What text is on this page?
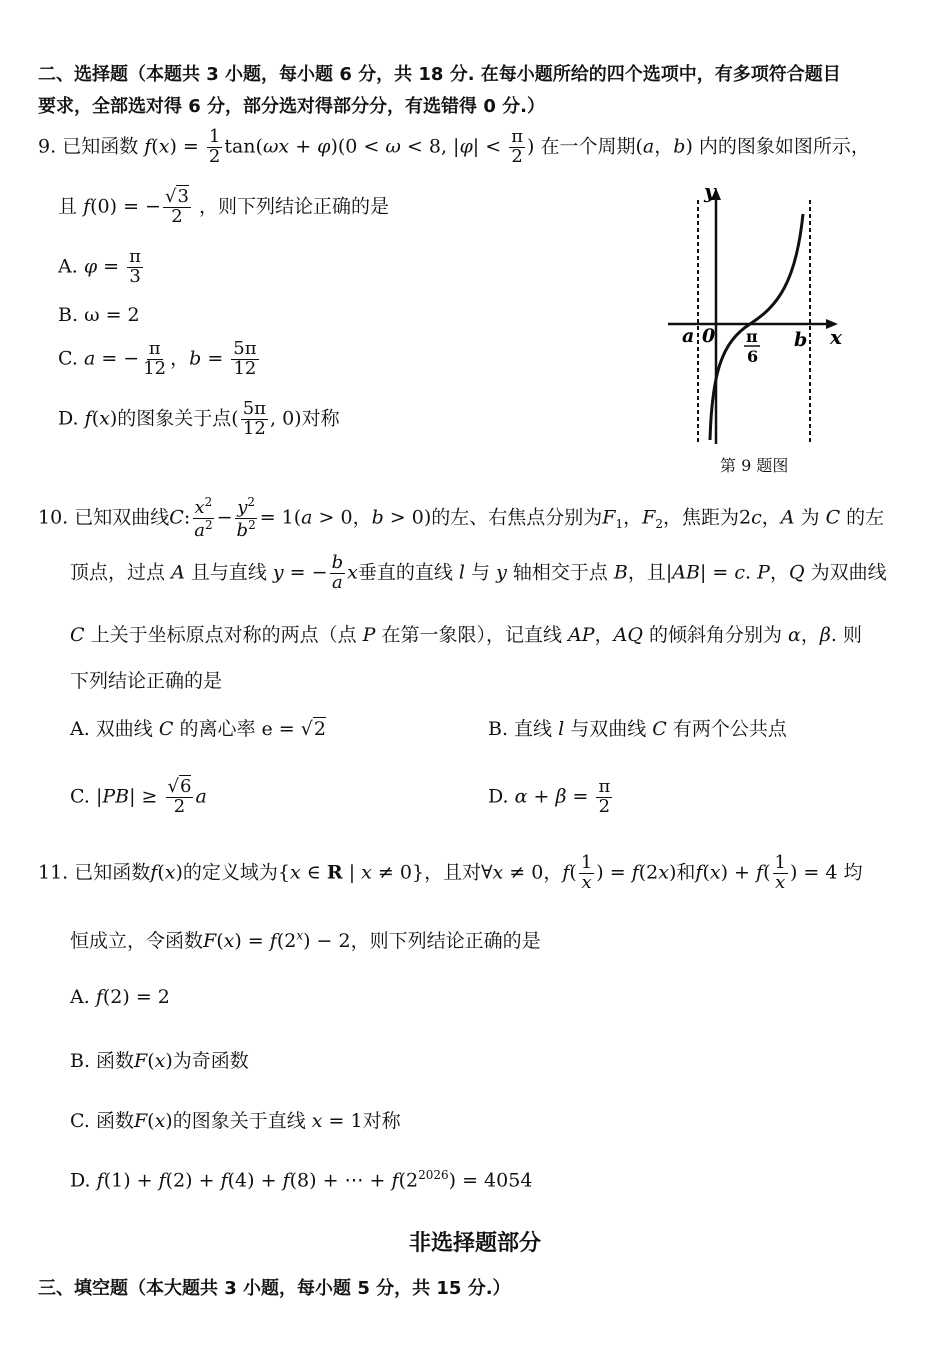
二、选择题（本题共 3 小题，每小题 6 分，共 18 分. 在每小题所给的四个选项中，有多项符合题目
要求，全部选对得 6 分，部分选对得部分分，有选错得 0 分.）
9. 已知函数 $f(x) = \frac{1}{2} \tan(\omega x + \varphi)(0 < \omega < 8$, $|\varphi| < \frac{\pi}{2}$ ) 在一个周期(a，b) 内的图象如图所示，
且 f(0) = − $\frac{√3}{2}$ ，则下列结论正确的是
A. $\varphi = \frac{\pi}{3}$
B. ω = 2
C. a = − $\frac{\pi}{12}$ ，$b = \frac{5\pi}{12}$
D. f(x)的图象关于点( $\frac{5\pi}{12}$ , 0)对称
y
x
a 0	b
π
6
第 9 题图
10. 已知双曲线C: $\frac{x^2}{a^2} - \frac{y^2}{b^2} = 1(a > 0$，b > 0)的左、右焦点分别为$F_1$，$F_2$，焦距为2c，A 为 C 的左
顶点，过点 A 且与直线 y = − $\frac{b}{a}$ x垂直的直线 l 与 y 轴相交于点 B，且|AB| = c. P，Q 为双曲线
C 上关于坐标原点对称的两点（点 P 在第一象限），记直线 AP，AQ 的倾斜角分别为 α，β. 则
下列结论正确的是
A. 双曲线 C 的离心率 e = √2	B. 直线 l 与双曲线 C 有两个公共点
C. $|PB| \ge \frac{√6}{2}$ a	D. $\alpha + \beta = \frac{\pi}{2}$
11. 已知函数f(x)的定义域为{x ∈ R | x ≠ 0}，且对∀x ≠ 0，$f( \frac{1}{x}$ ) = f(2x)和$f(x) + f( \frac{1}{x}$ ) = 4 均
恒成立，令函数$F(x) = f(2^x) - 2$，则下列结论正确的是
A. f(2) = 2
B. 函数F(x)为奇函数
C. 函数F(x)的图象关于直线 x = 1对称
D. f(1) + f(2) + f(4) + f(8) + ⋯ + $f(2^{2026}) = 4054$
非选择题部分
三、填空题（本大题共 3 小题，每小题 5 分，共 15 分.）
